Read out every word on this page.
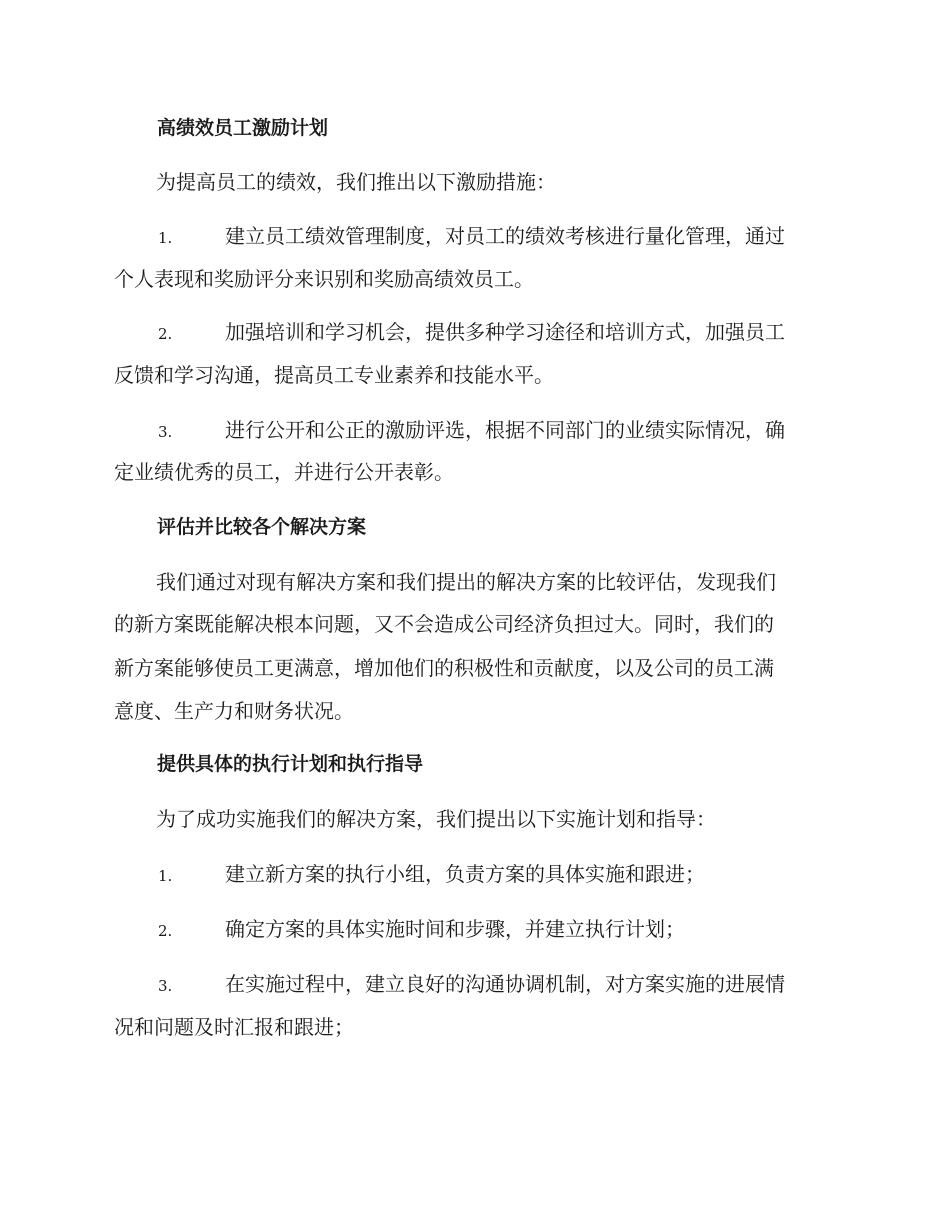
高绩效员工激励计划
为提高员工的绩效，我们推出以下激励措施：
1.	建立员工绩效管理制度，对员工的绩效考核进行量化管理，通过
个人表现和奖励评分来识别和奖励高绩效员工。
2.	加强培训和学习机会，提供多种学习途径和培训方式，加强员工
反馈和学习沟通，提高员工专业素养和技能水平。
3.	进行公开和公正的激励评选，根据不同部门的业绩实际情况，确
定业绩优秀的员工，并进行公开表彰。
评估并比较各个解决方案
我们通过对现有解决方案和我们提出的解决方案的比较评估，发现我们
的新方案既能解决根本问题，又不会造成公司经济负担过大。同时，我们的
新方案能够使员工更满意，增加他们的积极性和贡献度，以及公司的员工满
意度、生产力和财务状况。
提供具体的执行计划和执行指导
为了成功实施我们的解决方案，我们提出以下实施计划和指导：
1.	建立新方案的执行小组，负责方案的具体实施和跟进；
2.	确定方案的具体实施时间和步骤，并建立执行计划；
3.	在实施过程中，建立良好的沟通协调机制，对方案实施的进展情
况和问题及时汇报和跟进；
